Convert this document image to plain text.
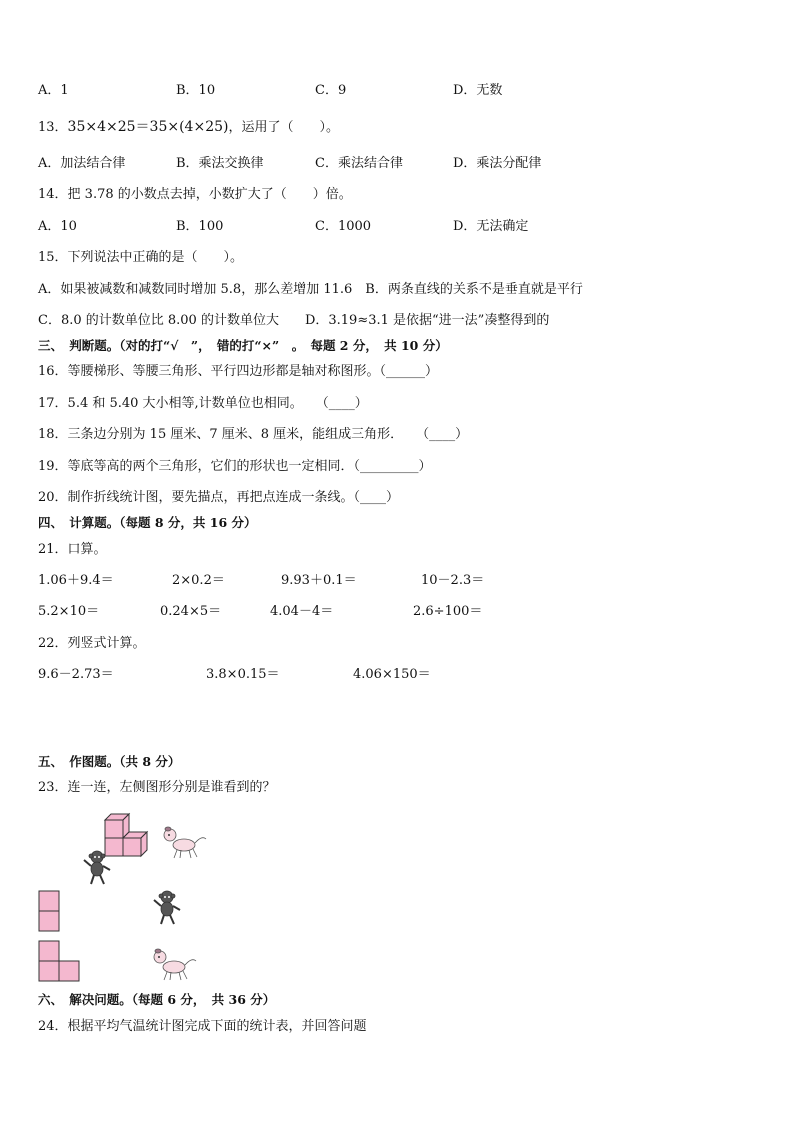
A．1	B．10	C．9	D．无数
13．35×4×25＝35×(4×25)，运用了（　　）。
A．加法结合律	B．乘法交换律	C．乘法结合律	D．乘法分配律
14．把 3.78 的小数点去掉，小数扩大了（　　）倍。
A．10	B．100	C．1000	D．无法确定
15．下列说法中正确的是（　　）。
A．如果被减数和减数同时增加 5.8，那么差增加 11.6　B．两条直线的关系不是垂直就是平行
C．8.0 的计数单位比 8.00 的计数单位大　　D．3.19≈3.1 是依据“进一法”凑整得到的
三、　判断题。（对的打“√　”，　错的打“×”　。　每题 2 分，　共 10 分）
16．等腰梯形、等腰三角形、平行四边形都是轴对称图形。（______）
17．5.4 和 5.40 大小相等,计数单位也相同。　　（____）
18．三条边分别为 15 厘米、7 厘米、8 厘米，能组成三角形．　　（____）
19．等底等高的两个三角形，它们的形状也一定相同．（_________）
20．制作折线统计图，要先描点，再把点连成一条线。（____）
四、　计算题。（每题 8 分，共 16 分）
21．口算。
1.06＋9.4＝	2×0.2＝	9.93＋0.1＝	10－2.3＝
5.2×10＝	0.24×5＝	4.04－4＝	2.6÷100＝
22．列竖式计算。
9.6－2.73＝	3.8×0.15＝	4.06×150＝
五、　作图题。（共 8 分）
23．连一连，左侧图形分别是谁看到的？
六、　解决问题。（每题 6 分，　共 36 分）
24．根据平均气温统计图完成下面的统计表，并回答问题
